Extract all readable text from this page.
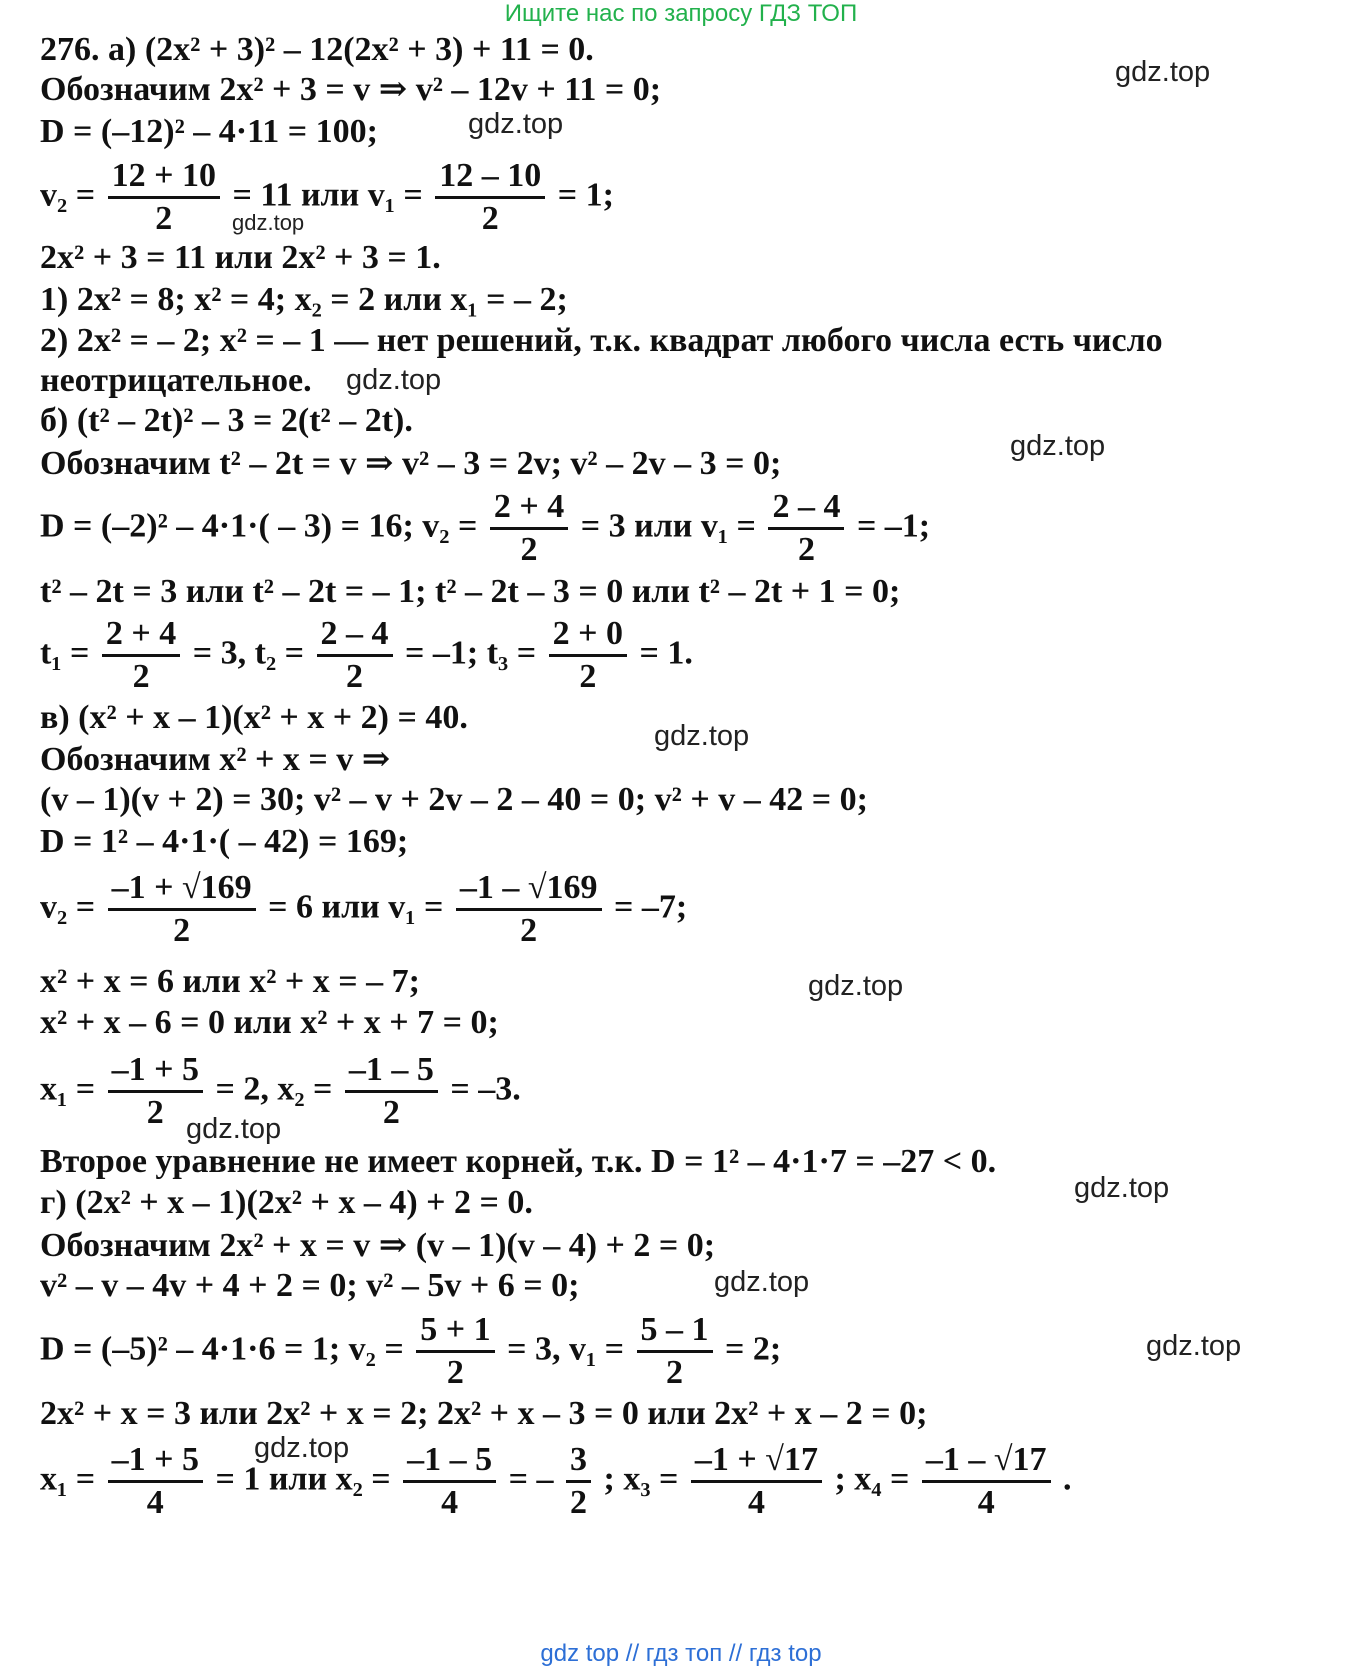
Ищите нас по запросу ГДЗ ТОП
276. а) (2x² + 3)² – 12(2x² + 3) + 11 = 0.
Обозначим 2x² + 3 = v ⇒ v² – 12v + 11 = 0;
D = (–12)² – 4·11 = 100;
$v_2 = \frac{12 + 10}{2} = 11$ или $v_1 = \frac{12 - 10}{2} = 1$;
2x² + 3 = 11 или 2x² + 3 = 1.
1) 2x² = 8; x² = 4; x₂ = 2 или x₁ = – 2;
2) 2x² = – 2; x² = – 1 — нет решений, т.к. квадрат любого числа есть число
неотрицательное.
б) (t² – 2t)² – 3 = 2(t² – 2t).
Обозначим t² – 2t = v ⇒ v² – 3 = 2v; v² – 2v – 3 = 0;
D = (–2)² – 4·1·( – 3) = 16; $v_2 = \frac{2 + 4}{2} = 3$ или $v_1 = \frac{2 - 4}{2} = -1$;
t² – 2t = 3 или t² – 2t = – 1; t² – 2t – 3 = 0 или t² – 2t + 1 = 0;
$t_1 = \frac{2 + 4}{2} = 3$, $t_2 = \frac{2 - 4}{2} = -1$; $t_3 = \frac{2 + 0}{2} = 1$.
в) (x² + x – 1)(x² + x + 2) = 40.
Обозначим x² + x = v ⇒
(v – 1)(v + 2) = 30; v² – v + 2v – 2 – 40 = 0; v² + v – 42 = 0;
D = 1² – 4·1·( – 42) = 169;
$v_2 = \frac{-1 + √169}{2} = 6$ или $v_1 = \frac{-1 - √169}{2} = -7$;
x² + x = 6 или x² + x = – 7;
x² + x – 6 = 0 или x² + x + 7 = 0;
$x_1 = \frac{-1 + 5}{2} = 2$, $x_2 = \frac{-1 - 5}{2} = -3$.
Второе уравнение не имеет корней, т.к. D = 1² – 4·1·7 = –27 < 0.
г) (2x² + x – 1)(2x² + x – 4) + 2 = 0.
Обозначим 2x² + x = v ⇒ (v – 1)(v – 4) + 2 = 0;
v² – v – 4v + 4 + 2 = 0; v² – 5v + 6 = 0;
D = (–5)² – 4·1·6 = 1; $v_2 = \frac{5 + 1}{2} = 3$, $v_1 = \frac{5 - 1}{2} = 2$;
2x² + x = 3 или 2x² + x = 2; 2x² + x – 3 = 0 или 2x² + x – 2 = 0;
$x_1 = \frac{-1 + 5}{4} = 1$ или $x_2 = \frac{-1 - 5}{4}$ = – $\frac{3}{2}$ ; $x_3 = \frac{-1 + √17}{4}$ ; $x_4 = \frac{-1 - √17}{4}$ .
gdz.top
gdz.top
gdz.top
gdz.top
gdz.top
gdz.top
gdz.top
gdz.top
gdz.top
gdz.top
gdz.top
gdz.top
gdz top // гдз топ // гдз top
